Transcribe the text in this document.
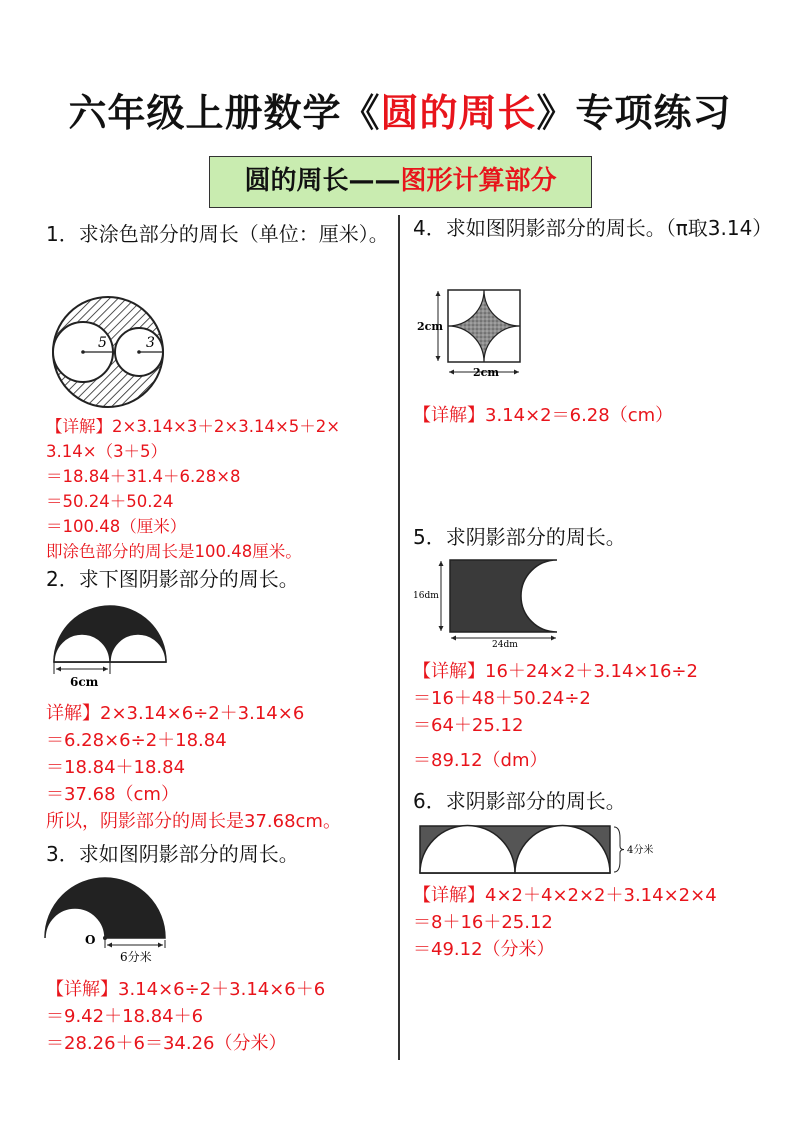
六年级上册数学《圆的周长》专项练习
圆的周长——图形计算部分
1．求涂色部分的周长（单位：厘米）。
5	3
【详解】2×3.14×3＋2×3.14×5＋2×
3.14×（3＋5）
＝18.84＋31.4＋6.28×8
＝50.24＋50.24
＝100.48（厘米）
即涂色部分的周长是100.48厘米。
2．求下图阴影部分的周长。
6cm
详解】2×3.14×6÷2＋3.14×6
＝6.28×6÷2＋18.84
＝18.84＋18.84
＝37.68（cm）
所以，阴影部分的周长是37.68cm。
3．求如图阴影部分的周长。
O
6分米
【详解】3.14×6÷2＋3.14×6＋6
＝9.42＋18.84＋6
＝28.26＋6＝34.26（分米）
4．求如图阴影部分的周长。（π取3.14）
2cm
2cm
【详解】3.14×2＝6.28（cm）
5．求阴影部分的周长。
16dm
24dm
【详解】16＋24×2＋3.14×16÷2
＝16＋48＋50.24÷2
＝64＋25.12
＝89.12（dm）
6．求阴影部分的周长。
4分米
【详解】4×2＋4×2×2＋3.14×2×4
＝8＋16＋25.12
＝49.12（分米）
